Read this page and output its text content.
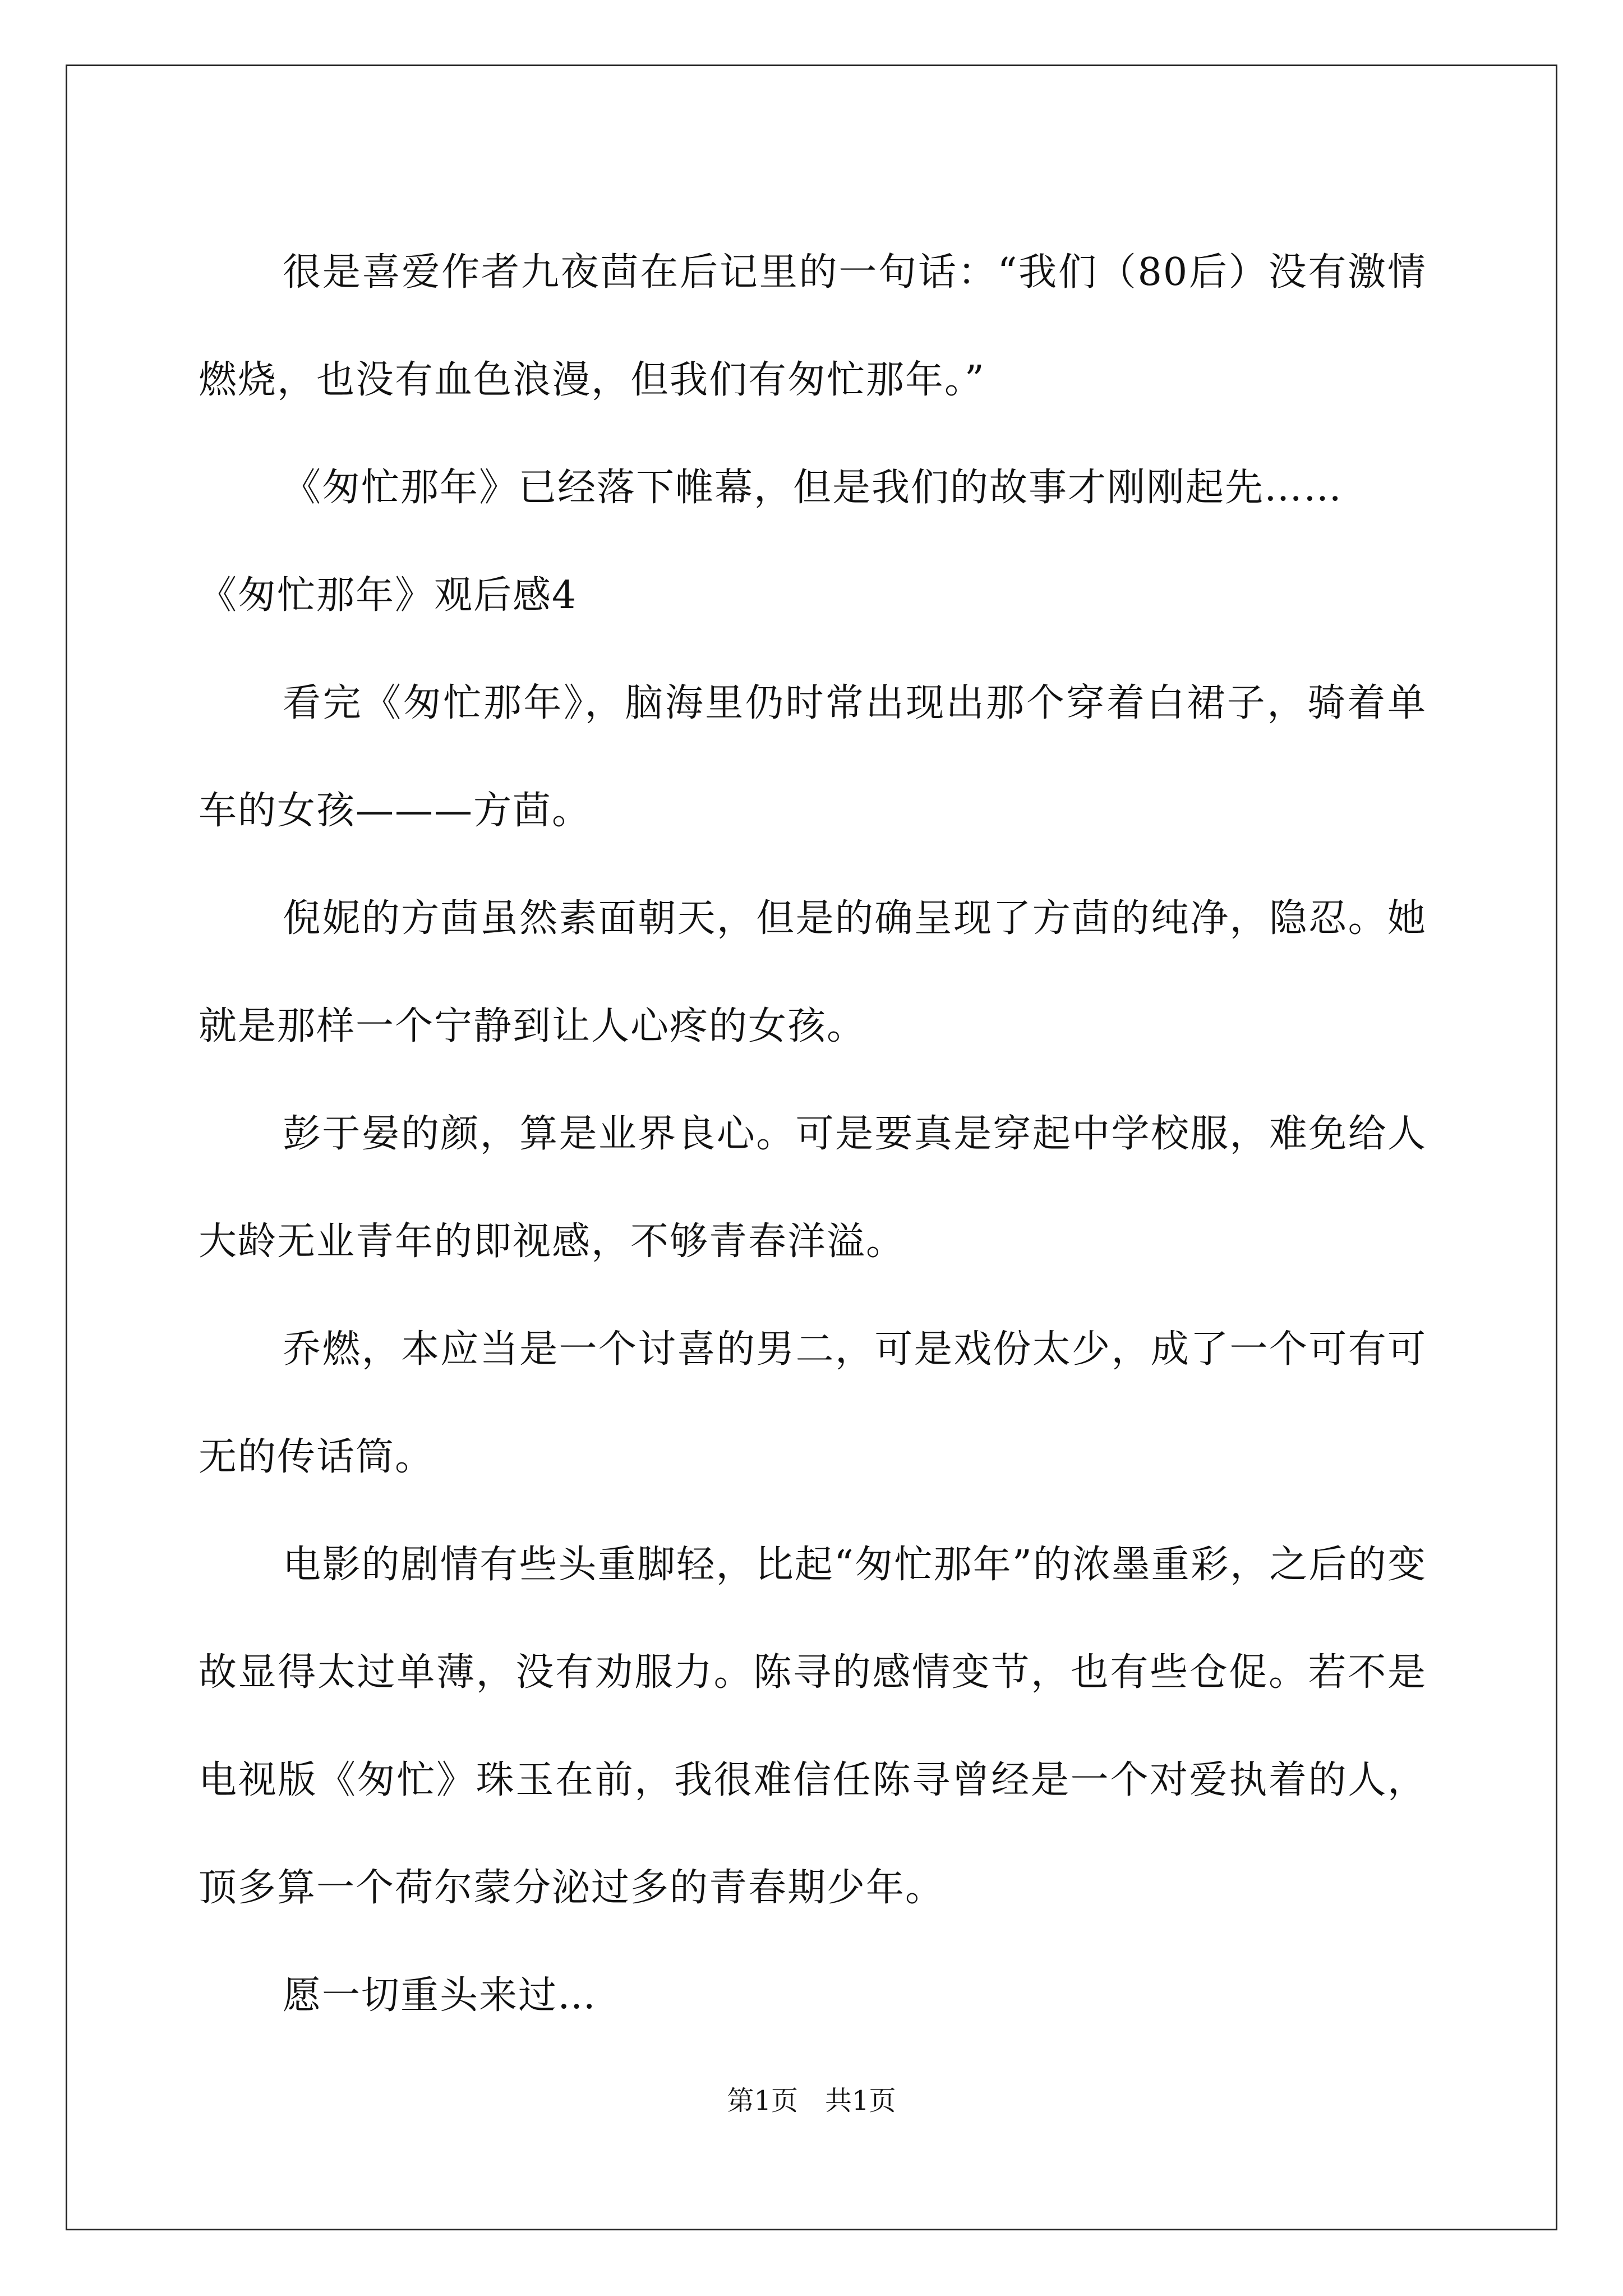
很是喜爱作者九夜茴在后记里的一句话：“我们（80后）没有激情燃烧，也没有血色浪漫，但我们有匆忙那年。”

《匆忙那年》已经落下帷幕，但是我们的故事才刚刚起先……

《匆忙那年》观后感4

看完《匆忙那年》，脑海里仍时常出现出那个穿着白裙子，骑着单车的女孩———方茴。

倪妮的方茴虽然素面朝天，但是的确呈现了方茴的纯净，隐忍。她就是那样一个宁静到让人心疼的女孩。

彭于晏的颜，算是业界良心。可是要真是穿起中学校服，难免给人大龄无业青年的即视感，不够青春洋溢。

乔燃，本应当是一个讨喜的男二，可是戏份太少，成了一个可有可无的传话筒。

电影的剧情有些头重脚轻，比起“匆忙那年”的浓墨重彩，之后的变故显得太过单薄，没有劝服力。陈寻的感情变节，也有些仓促。若不是电视版《匆忙》珠玉在前，我很难信任陈寻曾经是一个对爱执着的人，顶多算一个荷尔蒙分泌过多的青春期少年。

愿一切重头来过…

第1页　共1页
